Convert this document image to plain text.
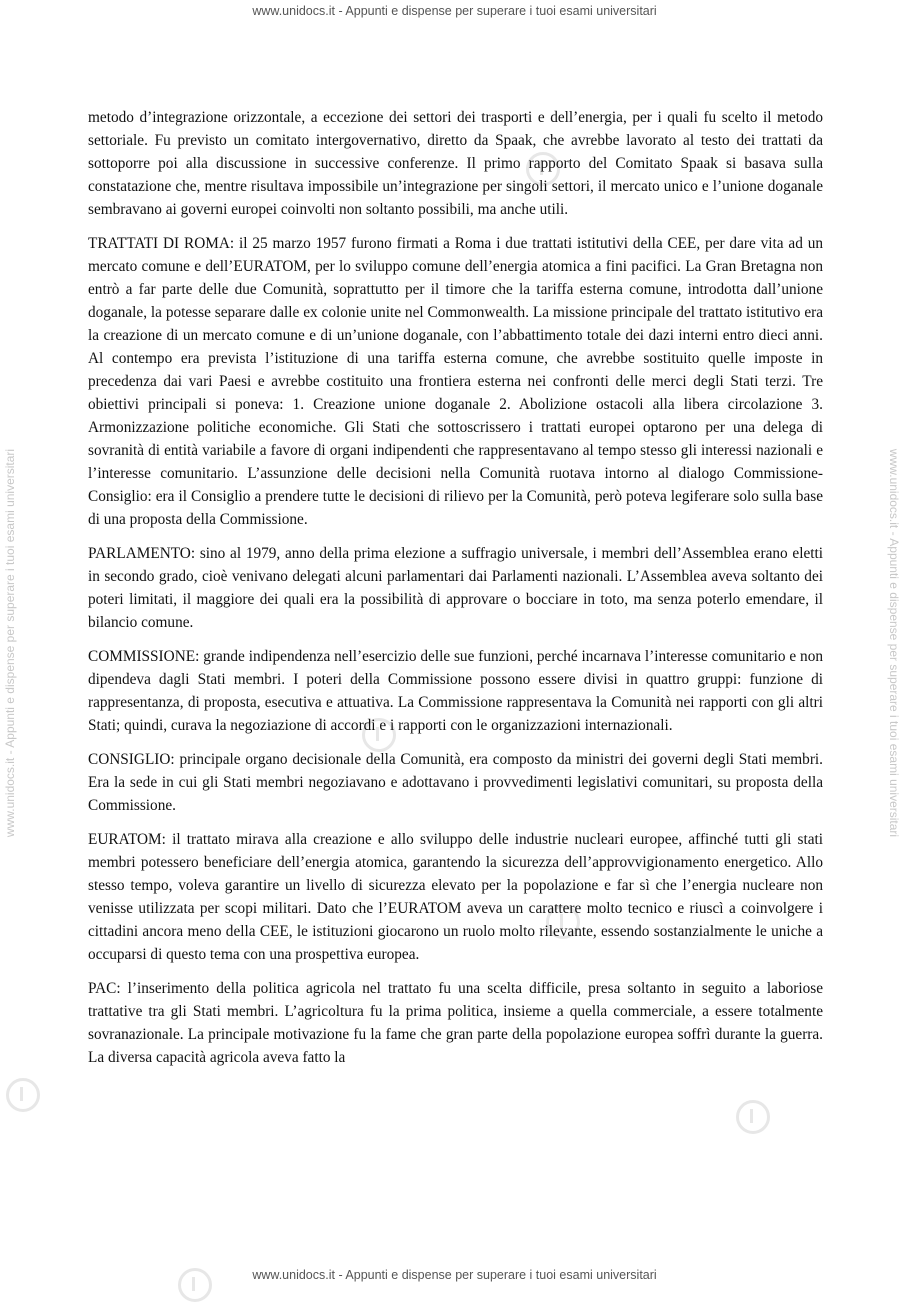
www.unidocs.it - Appunti e dispense per superare i tuoi esami universitari
www.unidocs.it - Appunti e dispense per superare i tuoi esami universitari	www.unidocs.it - Appunti e dispense per superare i tuoi esami universitari

metodo d’integrazione orizzontale, a eccezione dei settori dei trasporti e dell’energia, per i quali fu scelto il metodo settoriale. Fu previsto un comitato intergovernativo, diretto da Spaak, che avrebbe lavorato al testo dei trattati da sottoporre poi alla discussione in successive conferenze. Il primo rapporto del Comitato Spaak si basava sulla constatazione che, mentre risultava impossibile un’integrazione per singoli settori, il mercato unico e l’unione doganale sembravano ai governi europei coinvolti non soltanto possibili, ma anche utili.

TRATTATI DI ROMA: il 25 marzo 1957 furono firmati a Roma i due trattati istitutivi della CEE, per dare vita ad un mercato comune e dell’EURATOM, per lo sviluppo comune dell’energia atomica a fini pacifici. La Gran Bretagna non entrò a far parte delle due Comunità, soprattutto per il timore che la tariffa esterna comune, introdotta dall’unione doganale, la potesse separare dalle ex colonie unite nel Commonwealth. La missione principale del trattato istitutivo era la creazione di un mercato comune e di un’unione doganale, con l’abbattimento totale dei dazi interni entro dieci anni. Al contempo era prevista l’istituzione di una tariffa esterna comune, che avrebbe sostituito quelle imposte in precedenza dai vari Paesi e avrebbe costituito una frontiera esterna nei confronti delle merci degli Stati terzi. Tre obiettivi principali si poneva: 1. Creazione unione doganale 2. Abolizione ostacoli alla libera circolazione 3. Armonizzazione politiche economiche. Gli Stati che sottoscrissero i trattati europei optarono per una delega di sovranità di entità variabile a favore di organi indipendenti che rappresentavano al tempo stesso gli interessi nazionali e l’interesse comunitario. L’assunzione delle decisioni nella Comunità ruotava intorno al dialogo Commissione-Consiglio: era il Consiglio a prendere tutte le decisioni di rilievo per la Comunità, però poteva legiferare solo sulla base di una proposta della Commissione.

PARLAMENTO: sino al 1979, anno della prima elezione a suffragio universale, i membri dell’Assemblea erano eletti in secondo grado, cioè venivano delegati alcuni parlamentari dai Parlamenti nazionali. L’Assemblea aveva soltanto dei poteri limitati, il maggiore dei quali era la possibilità di approvare o bocciare in toto, ma senza poterlo emendare, il bilancio comune.

COMMISSIONE: grande indipendenza nell’esercizio delle sue funzioni, perché incarnava l’interesse comunitario e non dipendeva dagli Stati membri. I poteri della Commissione possono essere divisi in quattro gruppi: funzione di rappresentanza, di proposta, esecutiva e attuativa. La Commissione rappresentava la Comunità nei rapporti con gli altri Stati; quindi, curava la negoziazione di accordi e i rapporti con le organizzazioni internazionali.

CONSIGLIO: principale organo decisionale della Comunità, era composto da ministri dei governi degli Stati membri. Era la sede in cui gli Stati membri negoziavano e adottavano i provvedimenti legislativi comunitari, su proposta della Commissione.

EURATOM: il trattato mirava alla creazione e allo sviluppo delle industrie nucleari europee, affinché tutti gli stati membri potessero beneficiare dell’energia atomica, garantendo la sicurezza dell’approvvigionamento energetico. Allo stesso tempo, voleva garantire un livello di sicurezza elevato per la popolazione e far sì che l’energia nucleare non venisse utilizzata per scopi militari. Dato che l’EURATOM aveva un carattere molto tecnico e riuscì a coinvolgere i cittadini ancora meno della CEE, le istituzioni giocarono un ruolo molto rilevante, essendo sostanzialmente le uniche a occuparsi di questo tema con una prospettiva europea.

PAC: l’inserimento della politica agricola nel trattato fu una scelta difficile, presa soltanto in seguito a laboriose trattative tra gli Stati membri. L’agricoltura fu la prima politica, insieme a quella commerciale, a essere totalmente sovranazionale. La principale motivazione fu la fame che gran parte della popolazione europea soffrì durante la guerra. La diversa capacità agricola aveva fatto la

www.unidocs.it - Appunti e dispense per superare i tuoi esami universitari
